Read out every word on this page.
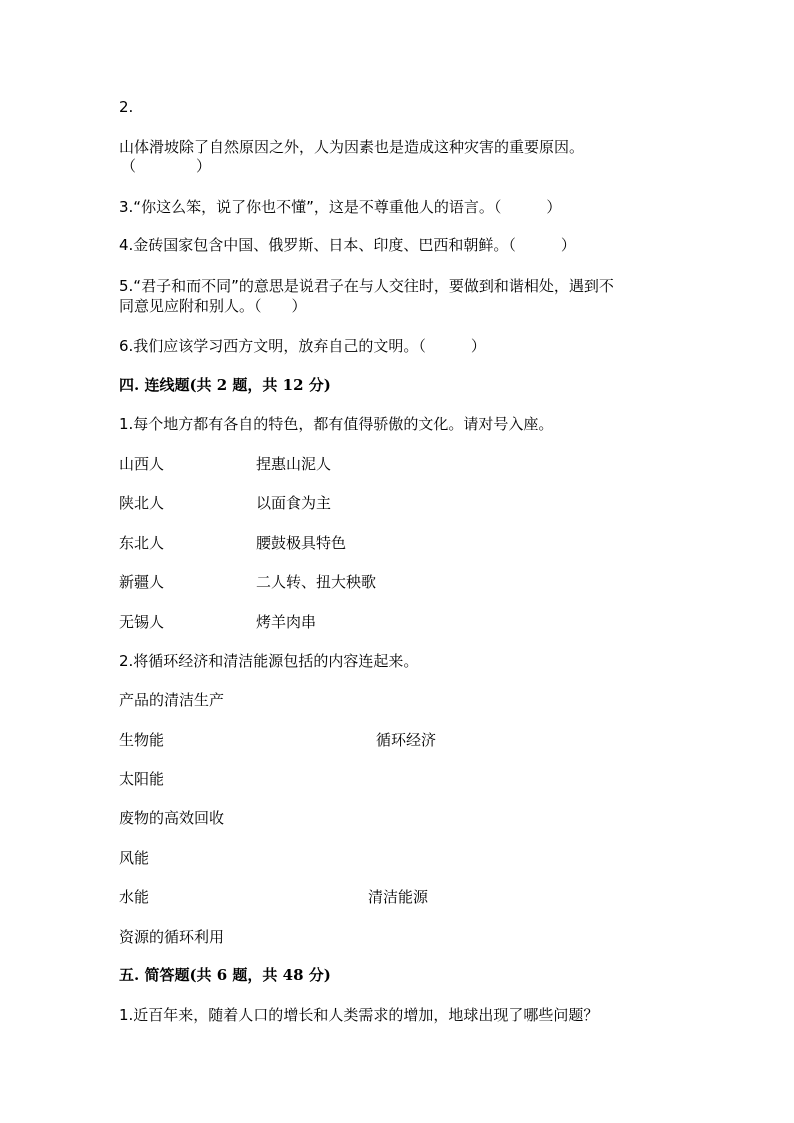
2.

山体滑坡除了自然原因之外，人为因素也是造成这种灾害的重要原因。

（　　　　）

3.“你这么笨，说了你也不懂”，这是不尊重他人的语言。（　　　）

4.金砖国家包含中国、俄罗斯、日本、印度、巴西和朝鲜。（　　　）

5.“君子和而不同”的意思是说君子在与人交往时，要做到和谐相处，遇到不

同意见应附和别人。（　　）

6.我们应该学习西方文明，放弃自己的文明。（　　　）

四. 连线题(共 2 题，共 12 分)

1.每个地方都有各自的特色，都有值得骄傲的文化。请对号入座。

山西人	捏惠山泥人

陕北人	以面食为主

东北人	腰鼓极具特色

新疆人	二人转、扭大秧歌

无锡人	烤羊肉串

2.将循环经济和清洁能源包括的内容连起来。

产品的清洁生产

生物能	循环经济

太阳能

废物的高效回收

风能

水能	清洁能源

资源的循环利用

五. 简答题(共 6 题，共 48 分)

1.近百年来，随着人口的增长和人类需求的增加，地球出现了哪些问题？
